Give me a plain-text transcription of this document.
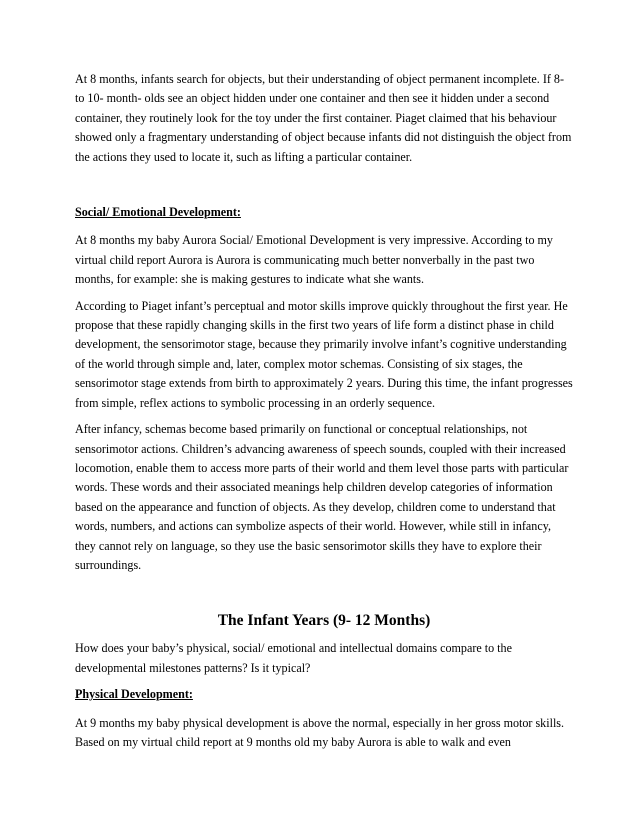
At 8 months, infants search for objects, but their understanding of object permanent incomplete. If 8- to 10- month- olds see an object hidden under one container and then see it hidden under a second container, they routinely look for the toy under the first container. Piaget claimed that his behaviour showed only a fragmentary understanding of object because infants did not distinguish the object from the actions they used to locate it, such as lifting a particular container.

Social/ Emotional Development:

At 8 months my baby Aurora Social/ Emotional Development is very impressive. According to my virtual child report Aurora is Aurora is communicating much better nonverbally in the past two months, for example: she is making gestures to indicate what she wants.

According to Piaget infant’s perceptual and motor skills improve quickly throughout the first year. He propose that these rapidly changing skills in the first two years of life form a distinct phase in child development, the sensorimotor stage, because they primarily involve infant’s cognitive understanding of the world through simple and, later, complex motor schemas. Consisting of six stages, the sensorimotor stage extends from birth to approximately 2 years. During this time, the infant progresses from simple, reflex actions to symbolic processing in an orderly sequence.

After infancy, schemas become based primarily on functional or conceptual relationships, not sensorimotor actions. Children’s advancing awareness of speech sounds, coupled with their increased locomotion, enable them to access more parts of their world and them level those parts with particular words. These words and their associated meanings help children develop categories of information based on the appearance and function of objects. As they develop, children come to understand that words, numbers, and actions can symbolize aspects of their world. However, while still in infancy, they cannot rely on language, so they use the basic sensorimotor skills they have to explore their surroundings.

The Infant Years (9- 12 Months)

How does your baby’s physical, social/ emotional and intellectual domains compare to the developmental milestones patterns? Is it typical?

Physical Development:

At 9 months my baby physical development is above the normal, especially in her gross motor skills. Based on my virtual child report at 9 months old my baby Aurora is able to walk and even
